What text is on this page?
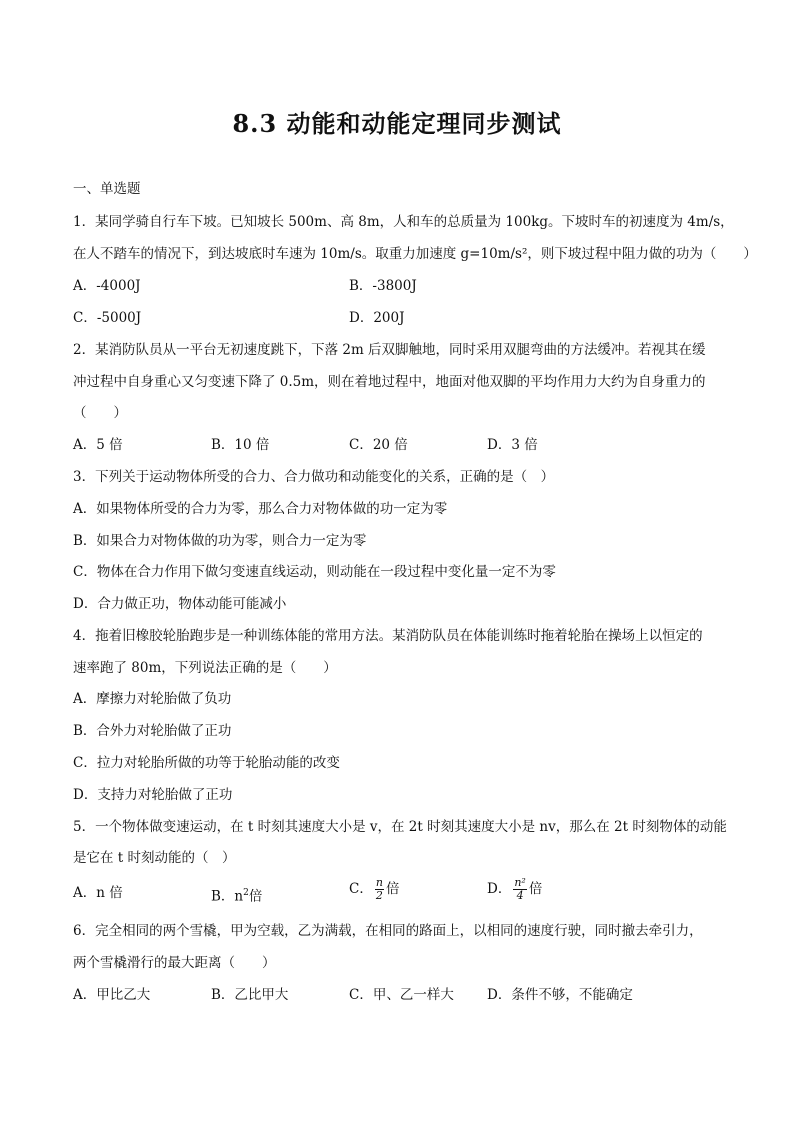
8.3 动能和动能定理同步测试
一、单选题
1．某同学骑自行车下坡。已知坡长 500m、高 8m，人和车的总质量为 100kg。下坡时车的初速度为 4m/s，
在人不踏车的情况下，到达坡底时车速为 10m/s。取重力加速度 g=10m/s²，则下坡过程中阻力做的功为（　　）
A．-4000J	B．-3800J
C．-5000J	D．200J
2．某消防队员从一平台无初速度跳下，下落 2m 后双脚触地，同时采用双腿弯曲的方法缓冲。若视其在缓
冲过程中自身重心又匀变速下降了 0.5m，则在着地过程中，地面对他双脚的平均作用力大约为自身重力的
（　　）
A．5 倍	B．10 倍	C．20 倍	D．3 倍
3．下列关于运动物体所受的合力、合力做功和动能变化的关系，正确的是（　）
A．如果物体所受的合力为零，那么合力对物体做的功一定为零
B．如果合力对物体做的功为零，则合力一定为零
C．物体在合力作用下做匀变速直线运动，则动能在一段过程中变化量一定不为零
D．合力做正功，物体动能可能减小
4．拖着旧橡胶轮胎跑步是一种训练体能的常用方法。某消防队员在体能训练时拖着轮胎在操场上以恒定的
速率跑了 80m，下列说法正确的是（　　）
A．摩擦力对轮胎做了负功
B．合外力对轮胎做了正功
C．拉力对轮胎所做的功等于轮胎动能的改变
D．支持力对轮胎做了正功
5．一个物体做变速运动，在 t 时刻其速度大小是 v，在 2t 时刻其速度大小是 nv，那么在 2t 时刻物体的动能
是它在 t 时刻动能的（　）
A．n 倍	B．$n^2$倍	C． $\frac{n}{2}$ 倍	D． $\frac{\text{n²}}{4}$ 倍
6．完全相同的两个雪橇，甲为空载，乙为满载，在相同的路面上，以相同的速度行驶，同时撤去牵引力，
两个雪橇滑行的最大距离（　　）
A．甲比乙大	B．乙比甲大	C．甲、乙一样大 D．条件不够，不能确定
